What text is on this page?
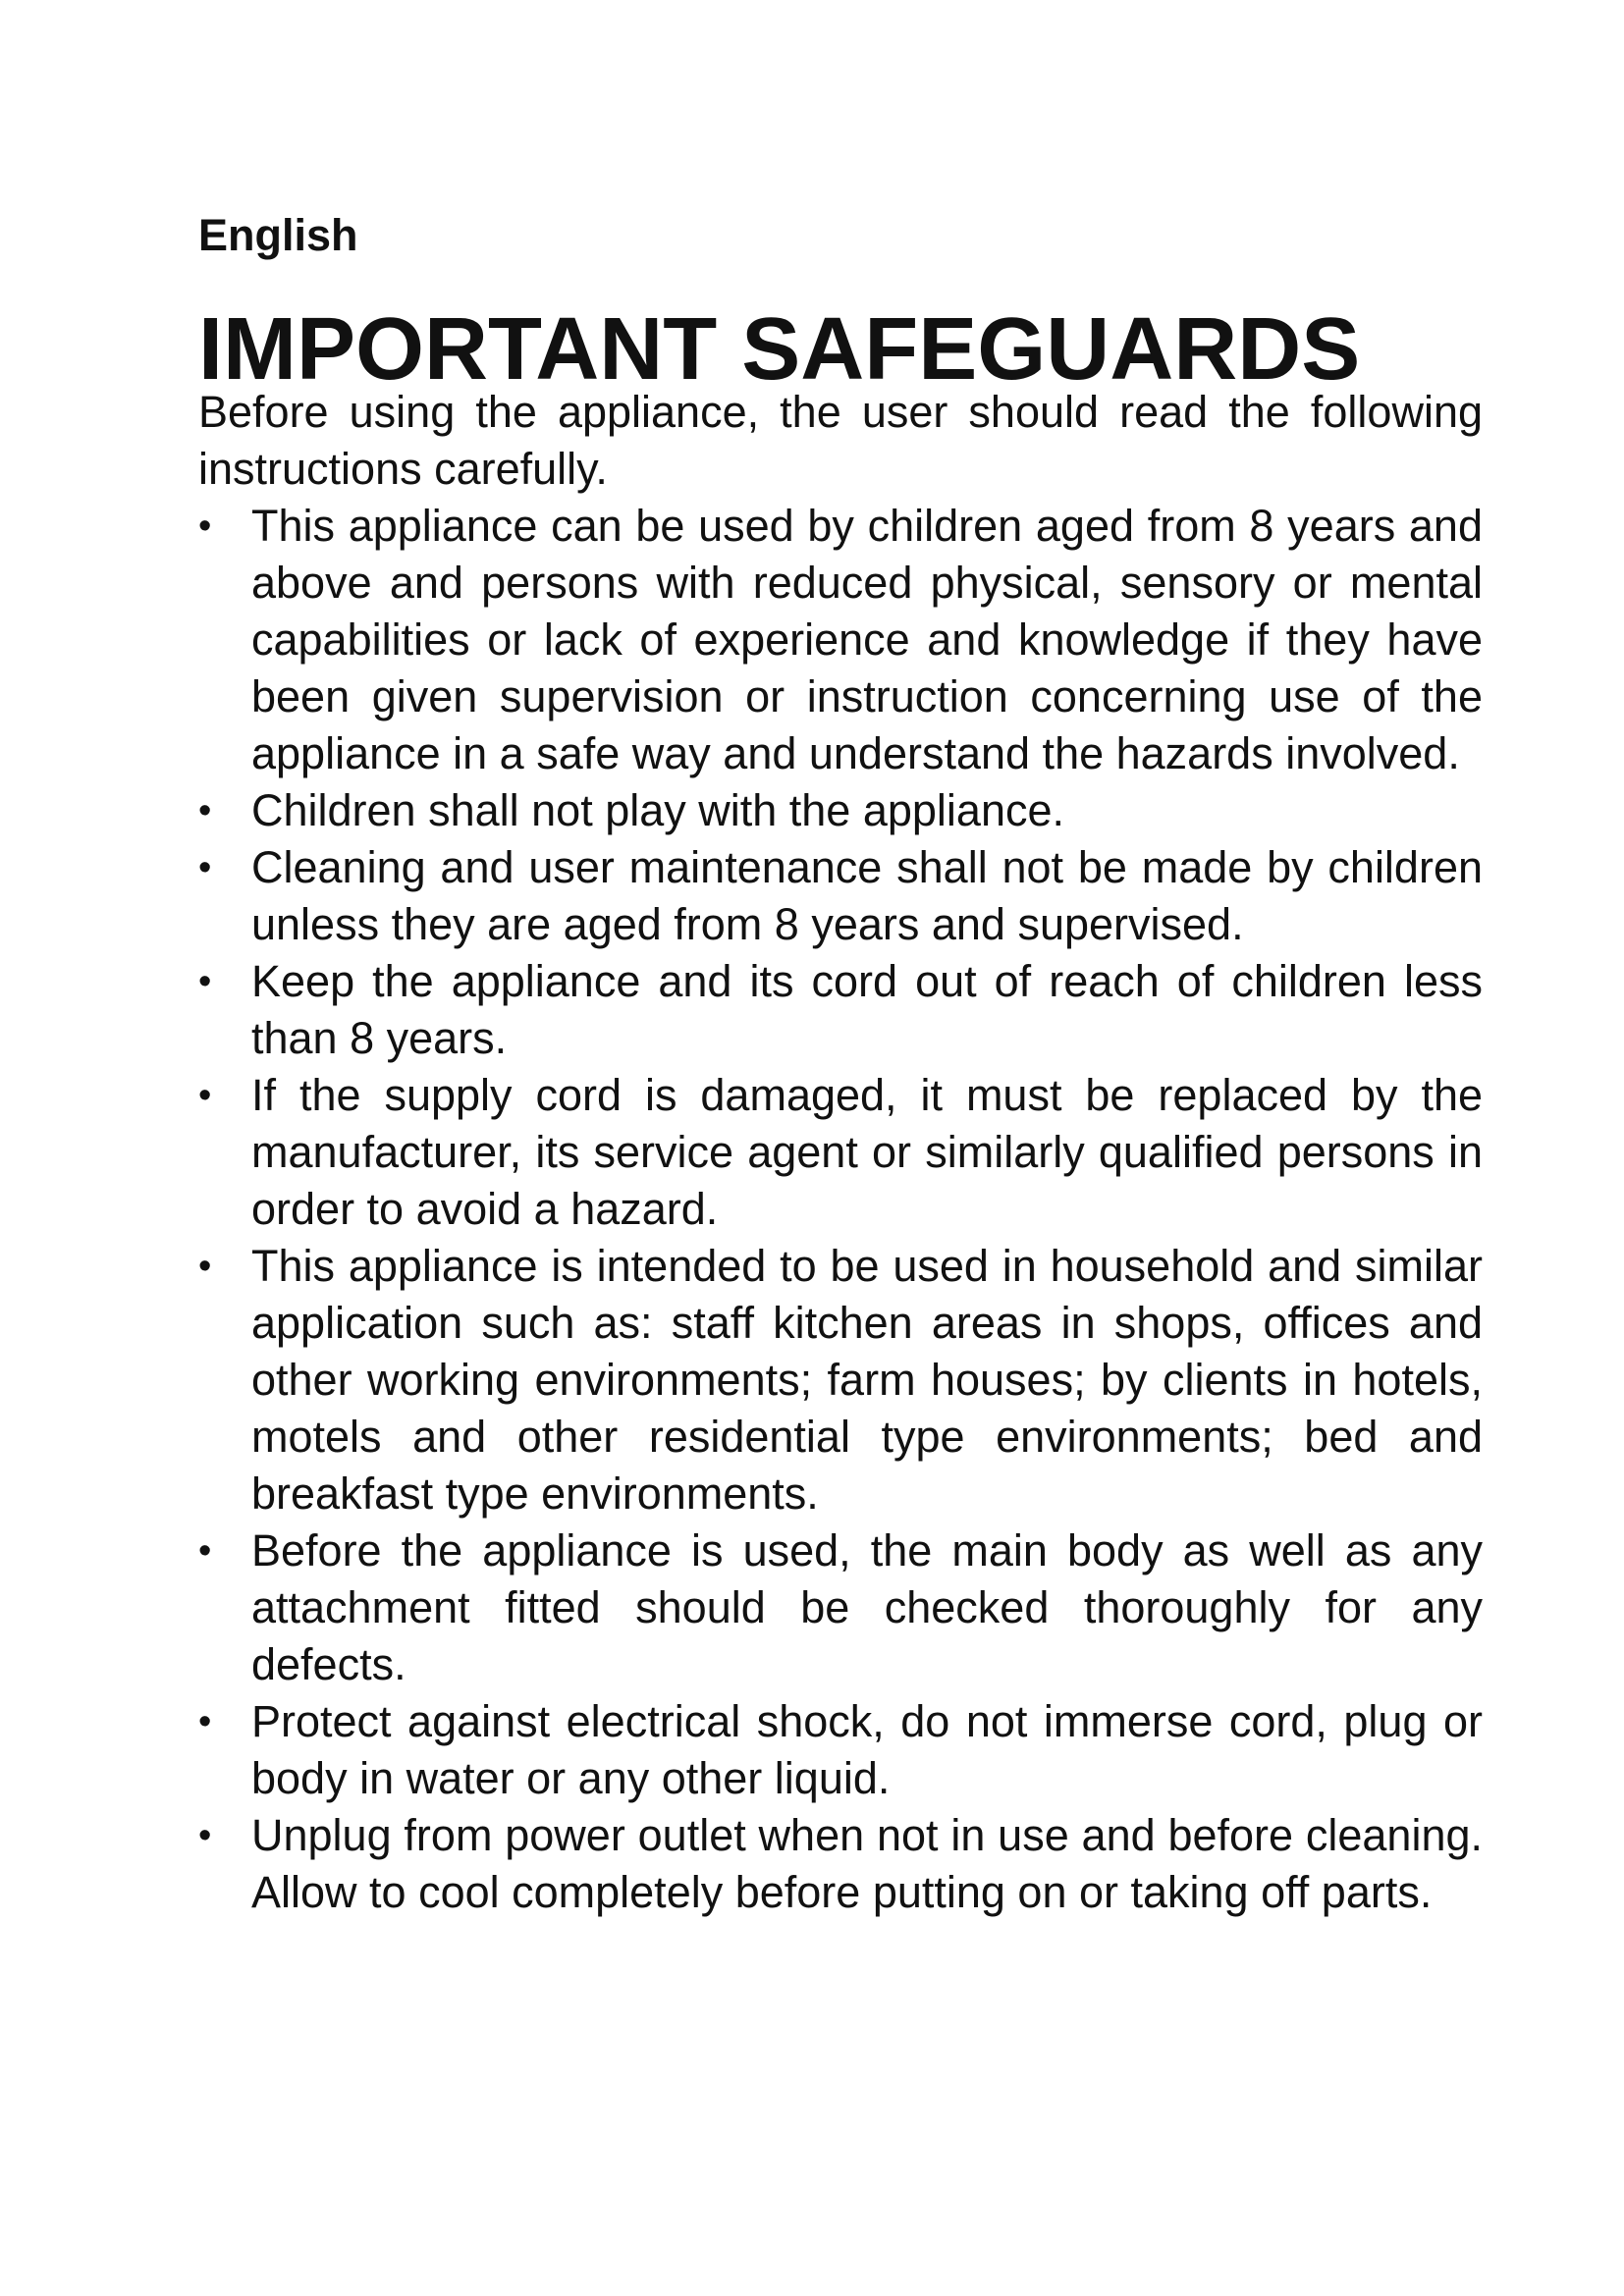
English

IMPORTANT SAFEGUARDS

Before using the appliance, the user should read the following instructions carefully.

• This appliance can be used by children aged from 8 years and above and persons with reduced physical, sensory or mental capabilities or lack of experience and knowledge if they have been given supervision or instruction concerning use of the appliance in a safe way and understand the hazards involved.
• Children shall not play with the appliance.
• Cleaning and user maintenance shall not be made by children unless they are aged from 8 years and supervised.
• Keep the appliance and its cord out of reach of children less than 8 years.
• If the supply cord is damaged, it must be replaced by the manufacturer, its service agent or similarly qualified persons in order to avoid a hazard.
• This appliance is intended to be used in household and similar application such as: staff kitchen areas in shops, offices and other working environments; farm houses; by clients in hotels, motels and other residential type environments; bed and breakfast type environments.
• Before the appliance is used, the main body as well as any attachment fitted should be checked thoroughly for any defects.
• Protect against electrical shock, do not immerse cord, plug or body in water or any other liquid.
• Unplug from power outlet when not in use and before cleaning. Allow to cool completely before putting on or taking off parts.
